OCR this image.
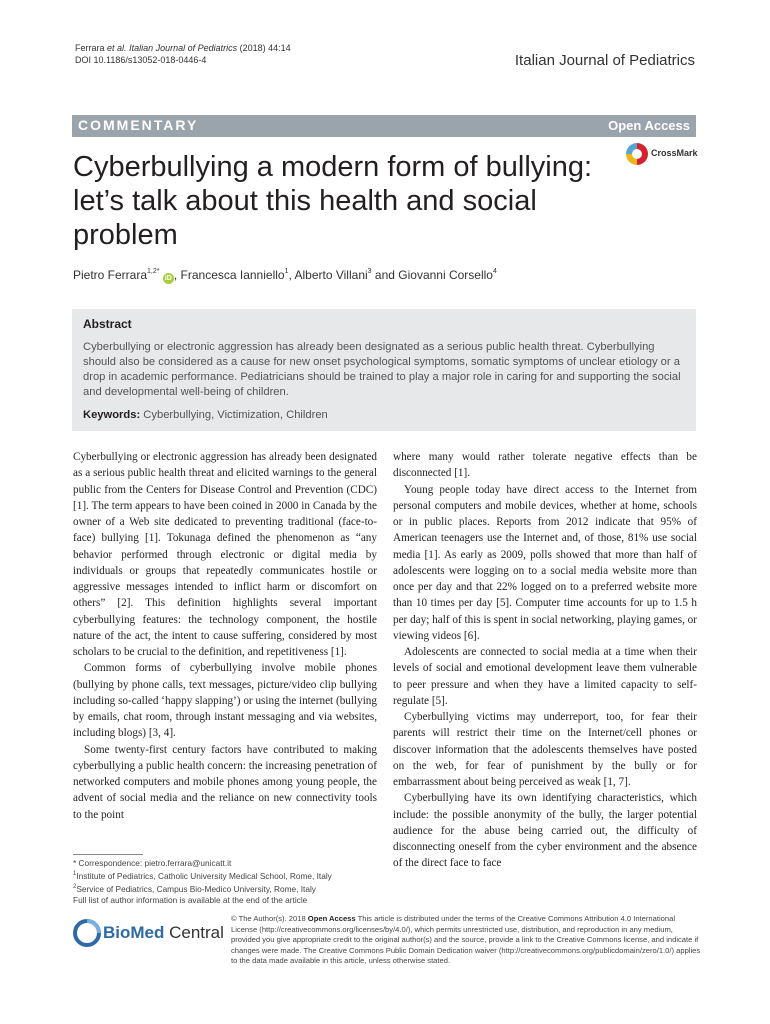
Ferrara et al. Italian Journal of Pediatrics (2018) 44:14
DOI 10.1186/s13052-018-0446-4	Italian Journal of Pediatrics
COMMENTARY	Open Access
Cyberbullying a modern form of bullying: let’s talk about this health and social problem
CrossMark
Pietro Ferrara$^{1,2*}$ iD , Francesca Ianniello$^1$, Alberto Villani$^3$ and Giovanni Corsello$^4$
Abstract
Cyberbullying or electronic aggression has already been designated as a serious public health threat. Cyberbullying should also be considered as a cause for new onset psychological symptoms, somatic symptoms of unclear etiology or a drop in academic performance. Pediatricians should be trained to play a major role in caring for and supporting the social and developmental well-being of children.
Keywords: Cyberbullying, Victimization, Children

Cyberbullying or electronic aggression has already been designated as a serious public health threat and elicited warnings to the general public from the Centers for Disease Control and Prevention (CDC) [1]. The term appears to have been coined in 2000 in Canada by the owner of a Web site dedicated to preventing traditional (face-to-face) bullying [1]. Tokunaga defined the phenomenon as “any behavior performed through electronic or digital media by individuals or groups that repeatedly communicates hostile or aggressive messages intended to inflict harm or discomfort on others” [2]. This definition highlights several important cyberbullying features: the technology component, the hostile nature of the act, the intent to cause suffering, considered by most scholars to be crucial to the definition, and repetitiveness [1].

Common forms of cyberbullying involve mobile phones (bullying by phone calls, text messages, picture/video clip bullying including so-called ‘happy slapping’) or using the internet (bullying by emails, chat room, through instant messaging and via websites, including blogs) [3, 4].

Some twenty-first century factors have contributed to making cyberbullying a public health concern: the increasing penetration of networked computers and mobile phones among young people, the advent of social media and the reliance on new connectivity tools to the point

where many would rather tolerate negative effects than be disconnected [1].

Young people today have direct access to the Internet from personal computers and mobile devices, whether at home, schools or in public places. Reports from 2012 indicate that 95% of American teenagers use the Internet and, of those, 81% use social media [1]. As early as 2009, polls showed that more than half of adolescents were logging on to a social media website more than once per day and that 22% logged on to a preferred website more than 10 times per day [5]. Computer time accounts for up to 1.5 h per day; half of this is spent in social networking, playing games, or viewing videos [6].

Adolescents are connected to social media at a time when their levels of social and emotional development leave them vulnerable to peer pressure and when they have a limited capacity to self-regulate [5].

Cyberbullying victims may underreport, too, for fear their parents will restrict their time on the Internet/cell phones or discover information that the adolescents themselves have posted on the web, for fear of punishment by the bully or for embarrassment about being perceived as weak [1, 7].

Cyberbullying have its own identifying characteristics, which include: the possible anonymity of the bully, the larger potential audience for the abuse being carried out, the difficulty of disconnecting oneself from the cyber environment and the absence of the direct face to face

* Correspondence: pietro.ferrara@unicatt.it
$^1$Institute of Pediatrics, Catholic University Medical School, Rome, Italy
$^2$Service of Pediatrics, Campus Bio-Medico University, Rome, Italy
Full list of author information is available at the end of the article
BioMed Central
© The Author(s). 2018 Open Access This article is distributed under the terms of the Creative Commons Attribution 4.0 International License (http://creativecommons.org/licenses/by/4.0/), which permits unrestricted use, distribution, and reproduction in any medium, provided you give appropriate credit to the original author(s) and the source, provide a link to the Creative Commons license, and indicate if changes were made. The Creative Commons Public Domain Dedication waiver (http://creativecommons.org/publicdomain/zero/1.0/) applies to the data made available in this article, unless otherwise stated.
